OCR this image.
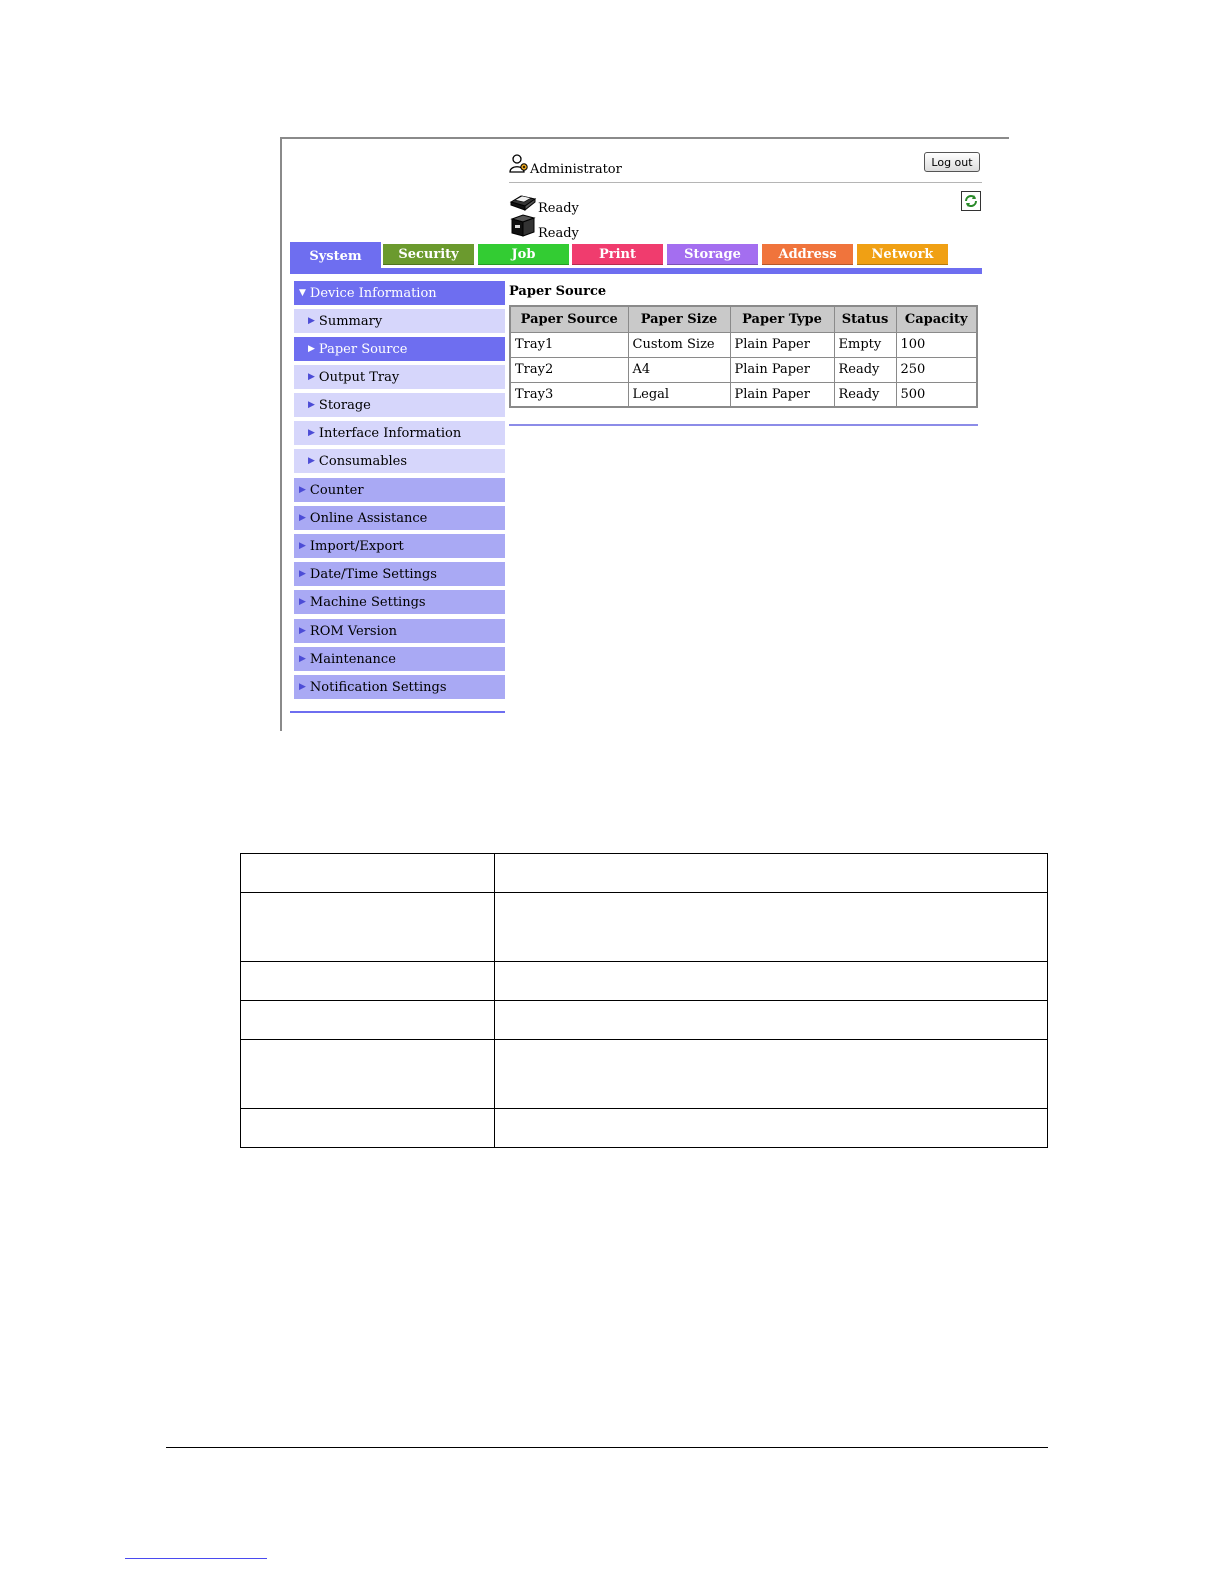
Administrator	Log out
Ready
Ready
System	Security	Job	Print	Storage	Address	Network
▼ Device Information
▶ Summary
▶ Paper Source
▶ Output Tray
▶ Storage
▶ Interface Information
▶ Consumables
▶ Counter
▶ Online Assistance
▶ Import/Export
▶ Date/Time Settings
▶ Machine Settings
▶ ROM Version
▶ Maintenance
▶ Notification Settings
Paper Source
Paper Source	Paper Size	Paper Type	Status	Capacity
Tray1	Custom Size	Plain Paper	Empty	100
Tray2	A4	Plain Paper	Ready	250
Tray3	Legal	Plain Paper	Ready	500
